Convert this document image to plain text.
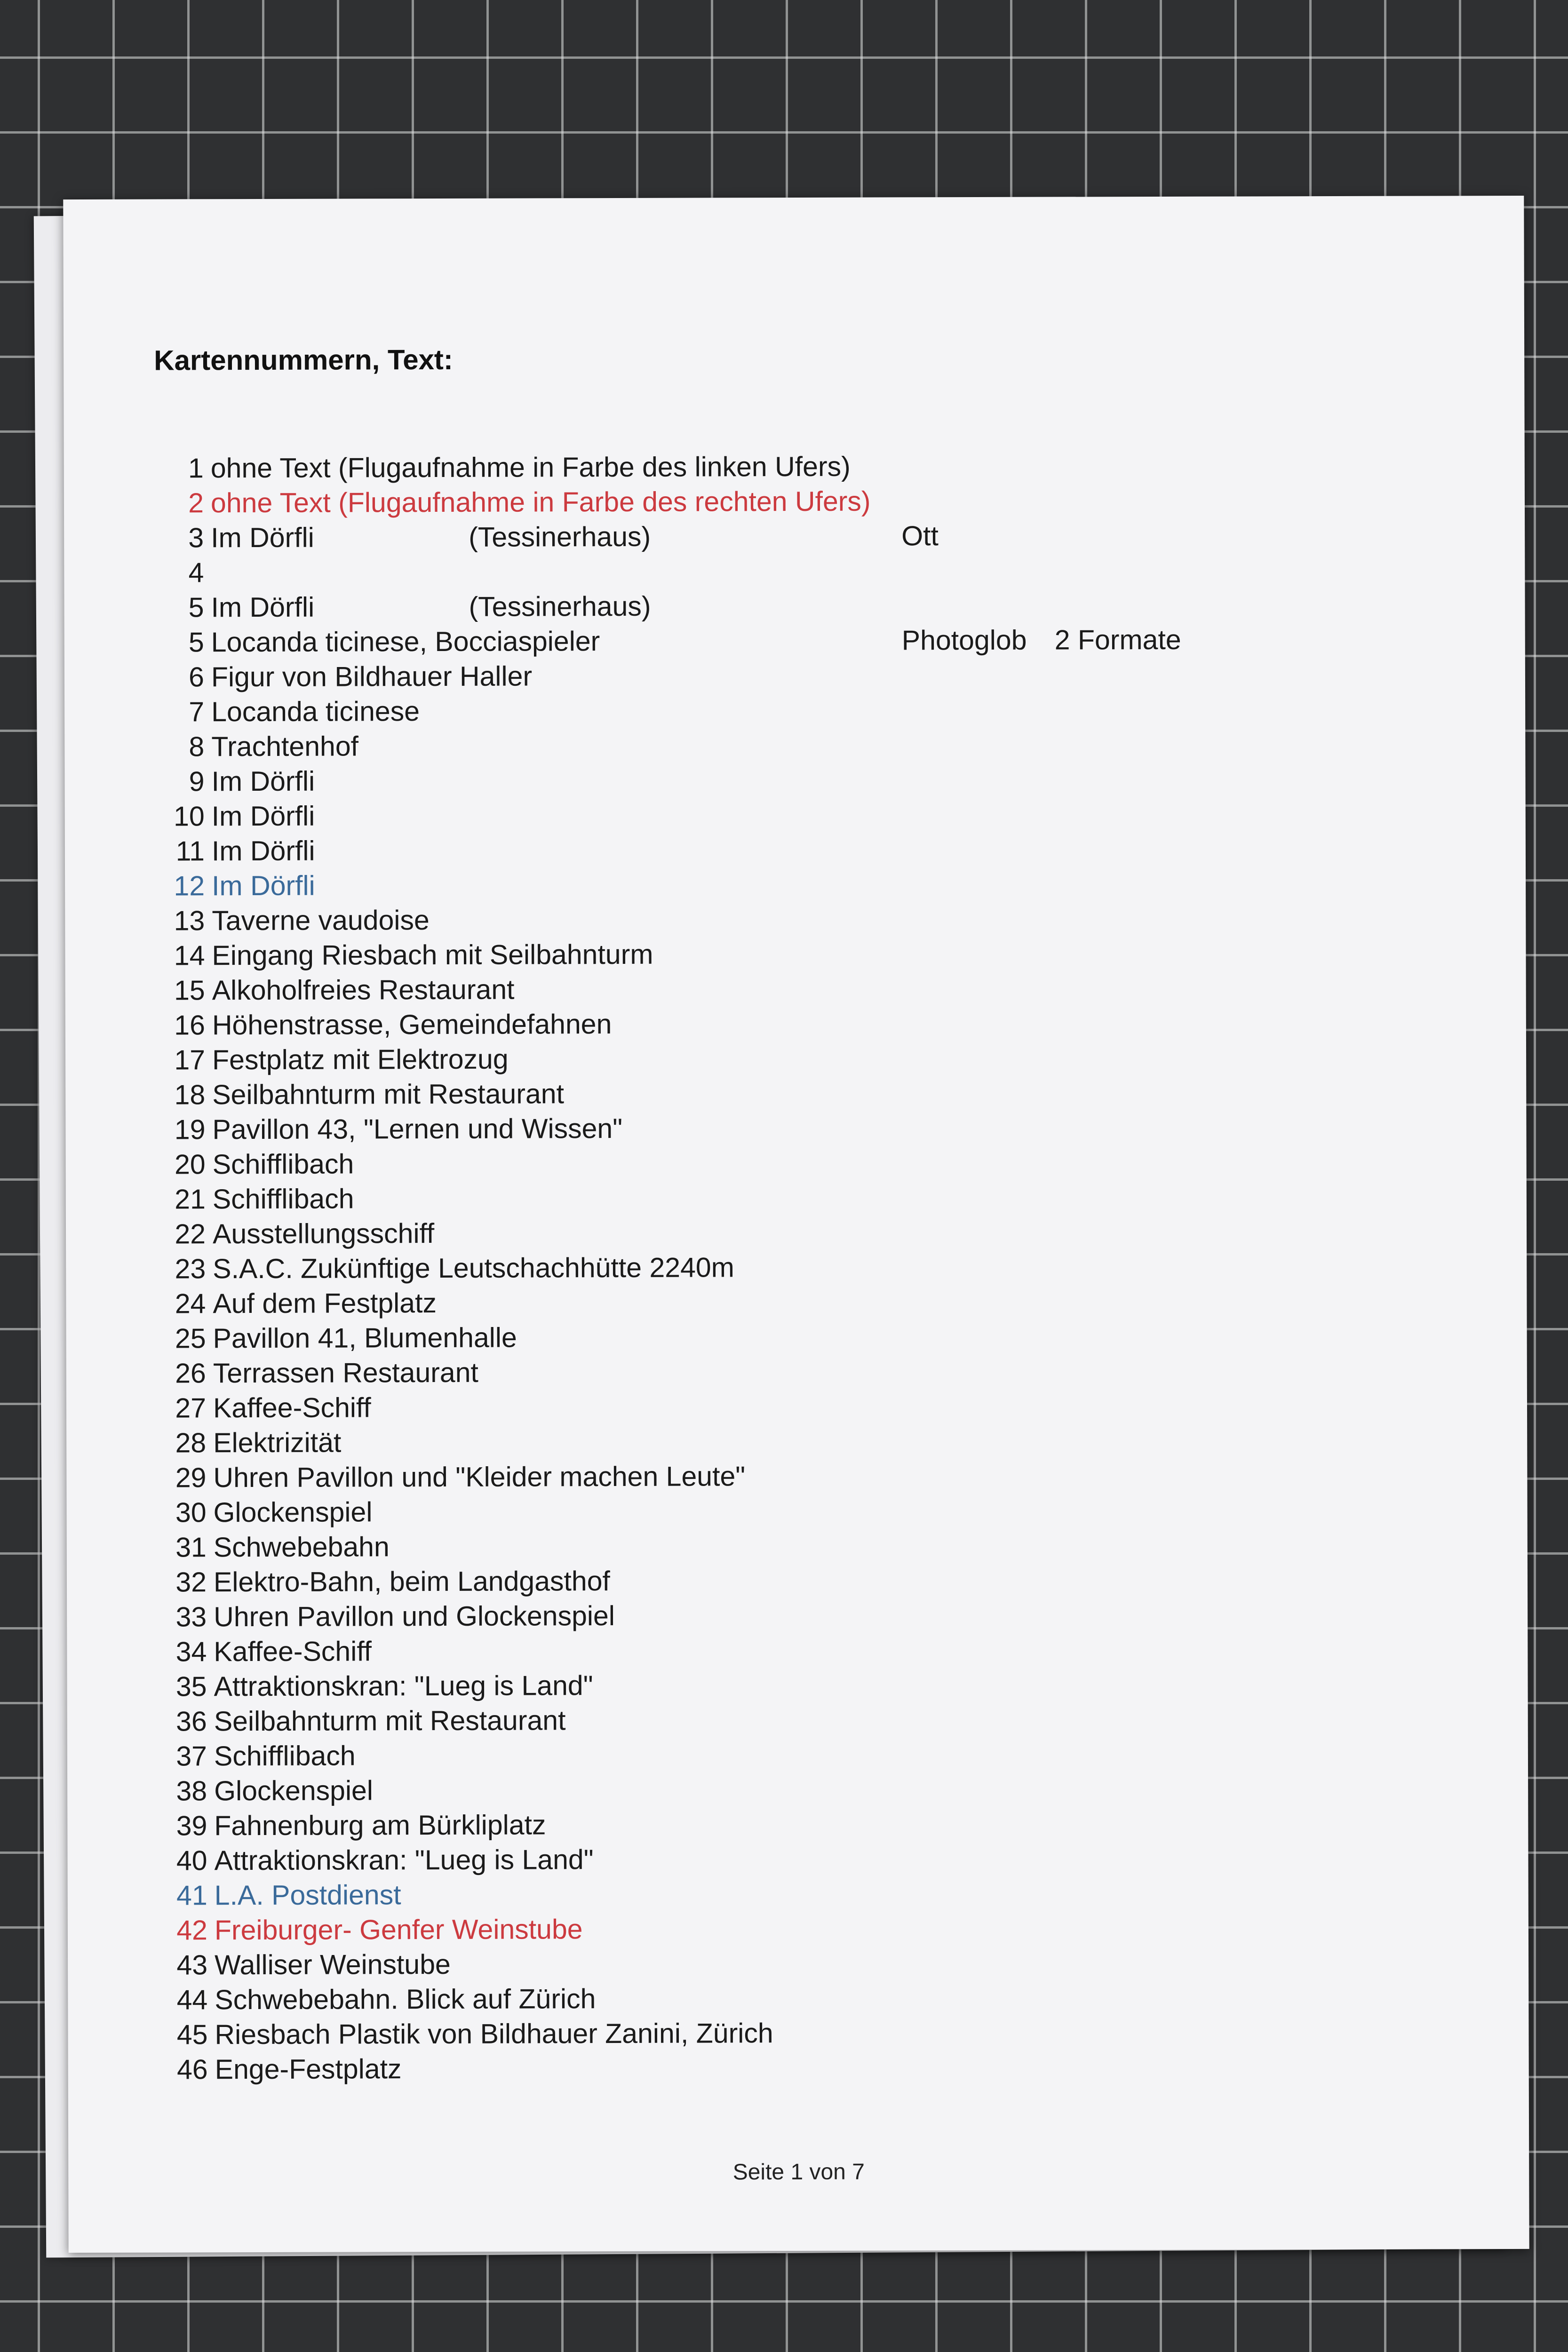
Kartennummern, Text:
1 ohne Text (Flugaufnahme in Farbe des linken Ufers)
2 ohne Text (Flugaufnahme in Farbe des rechten Ufers)
3 Im Dörfli	(Tessinerhaus)	Ott
4
5 Im Dörfli	(Tessinerhaus)
5 Locanda ticinese, Bocciaspieler	Photoglob 2 Formate
6 Figur von Bildhauer Haller
7 Locanda ticinese
8 Trachtenhof
9 Im Dörfli
10 Im Dörfli
11 Im Dörfli
12 Im Dörfli
13 Taverne vaudoise
14 Eingang Riesbach mit Seilbahnturm
15 Alkoholfreies Restaurant
16 Höhenstrasse, Gemeindefahnen
17 Festplatz mit Elektrozug
18 Seilbahnturm mit Restaurant
19 Pavillon 43, "Lernen und Wissen"
20 Schifflibach
21 Schifflibach
22 Ausstellungsschiff
23 S.A.C. Zukünftige Leutschachhütte 2240m
24 Auf dem Festplatz
25 Pavillon 41, Blumenhalle
26 Terrassen Restaurant
27 Kaffee-Schiff
28 Elektrizität
29 Uhren Pavillon und "Kleider machen Leute"
30 Glockenspiel
31 Schwebebahn
32 Elektro-Bahn, beim Landgasthof
33 Uhren Pavillon und Glockenspiel
34 Kaffee-Schiff
35 Attraktionskran: "Lueg is Land"
36 Seilbahnturm mit Restaurant
37 Schifflibach
38 Glockenspiel
39 Fahnenburg am Bürkliplatz
40 Attraktionskran: "Lueg is Land"
41 L.A. Postdienst
42 Freiburger- Genfer Weinstube
43 Walliser Weinstube
44 Schwebebahn. Blick auf Zürich
45 Riesbach Plastik von Bildhauer Zanini, Zürich
46 Enge-Festplatz
Seite 1 von 7
